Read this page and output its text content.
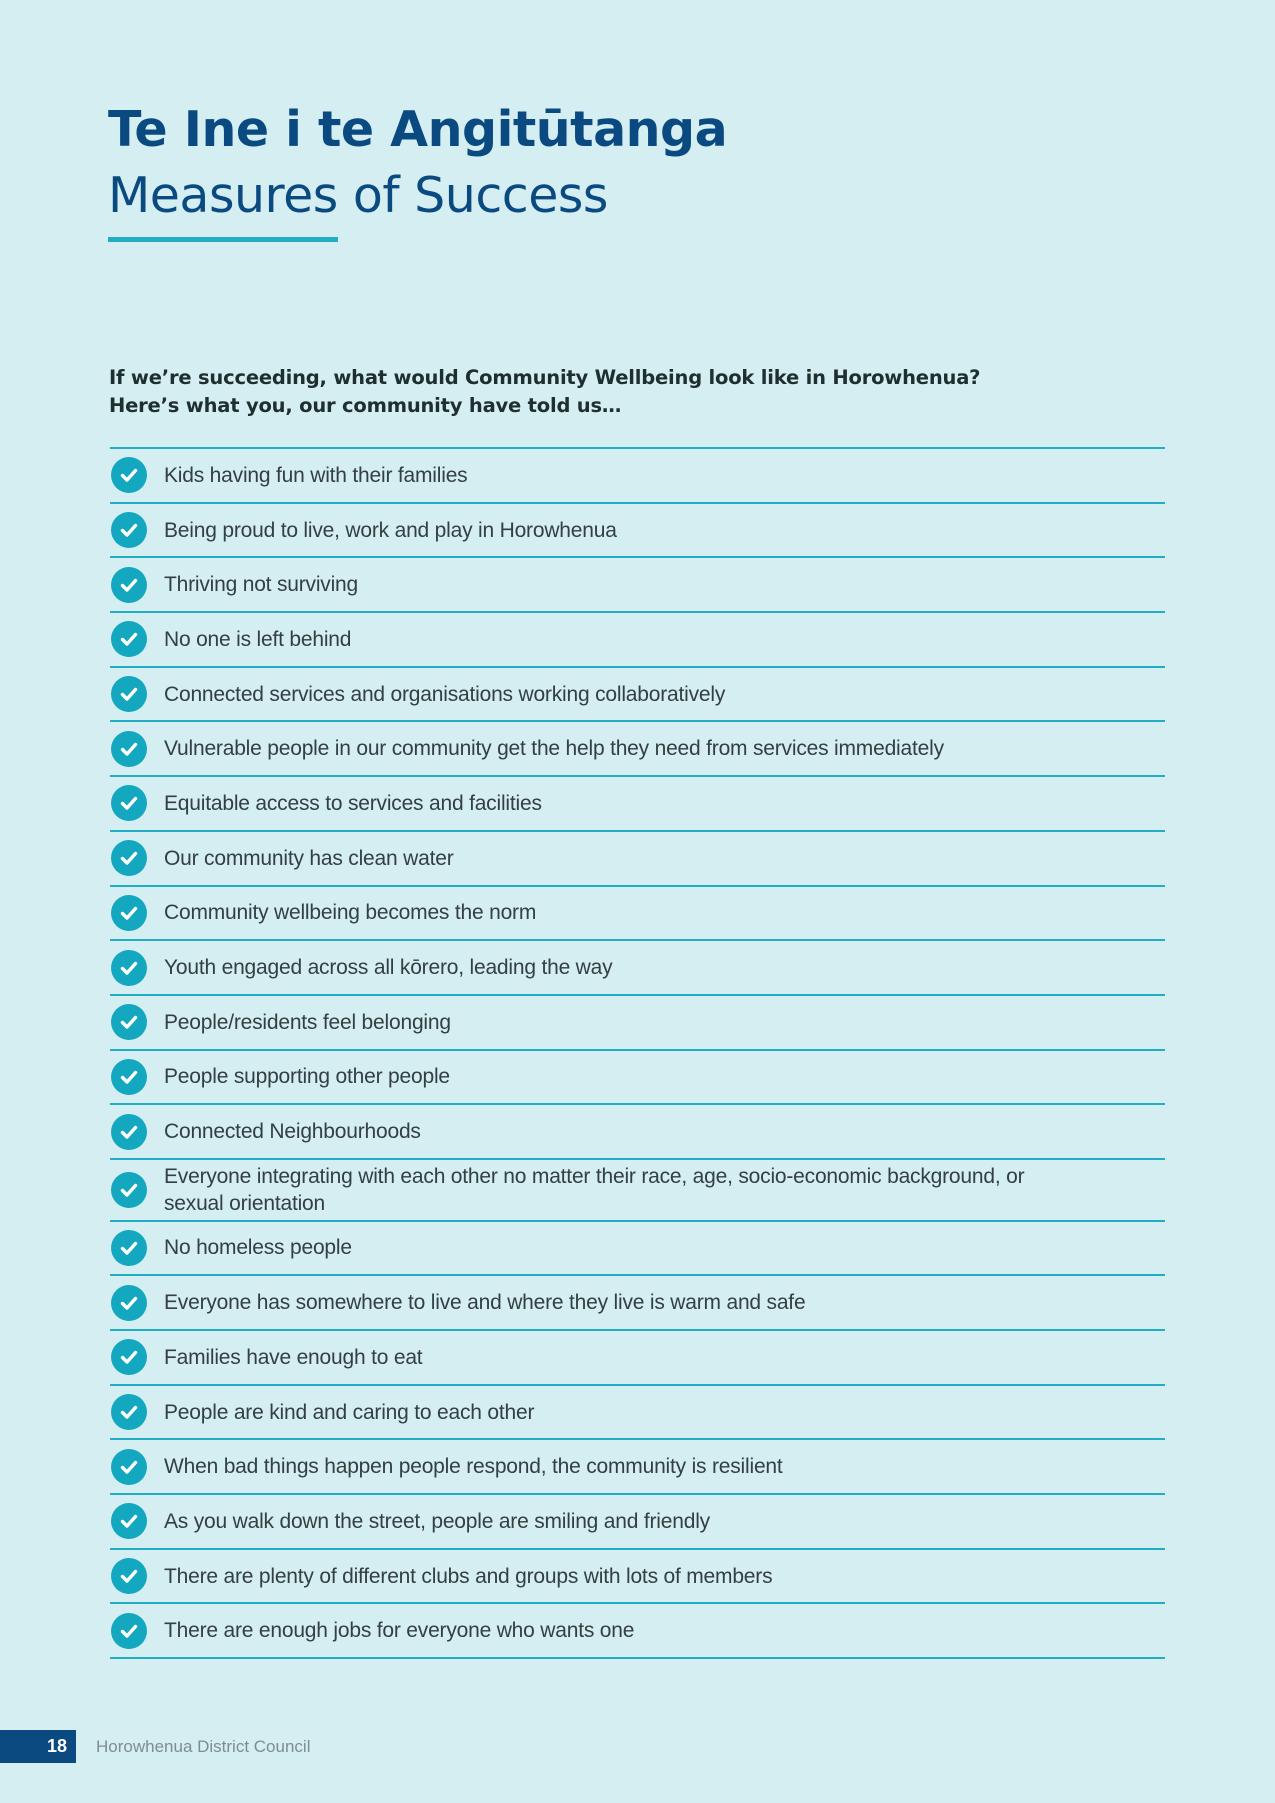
Te Ine i te Angitūtanga
Measures of Success

If we’re succeeding, what would Community Wellbeing look like in Horowhenua?
Here’s what you, our community have told us…

Kids having fun with their families
Being proud to live, work and play in Horowhenua
Thriving not surviving
No one is left behind
Connected services and organisations working collaboratively
Vulnerable people in our community get the help they need from services immediately
Equitable access to services and facilities
Our community has clean water
Community wellbeing becomes the norm
Youth engaged across all kōrero, leading the way
People/residents feel belonging
People supporting other people
Connected Neighbourhoods
Everyone integrating with each other no matter their race, age, socio-economic background, or sexual orientation
No homeless people
Everyone has somewhere to live and where they live is warm and safe
Families have enough to eat
People are kind and caring to each other
When bad things happen people respond, the community is resilient
As you walk down the street, people are smiling and friendly
There are plenty of different clubs and groups with lots of members
There are enough jobs for everyone who wants one
18	Horowhenua District Council
